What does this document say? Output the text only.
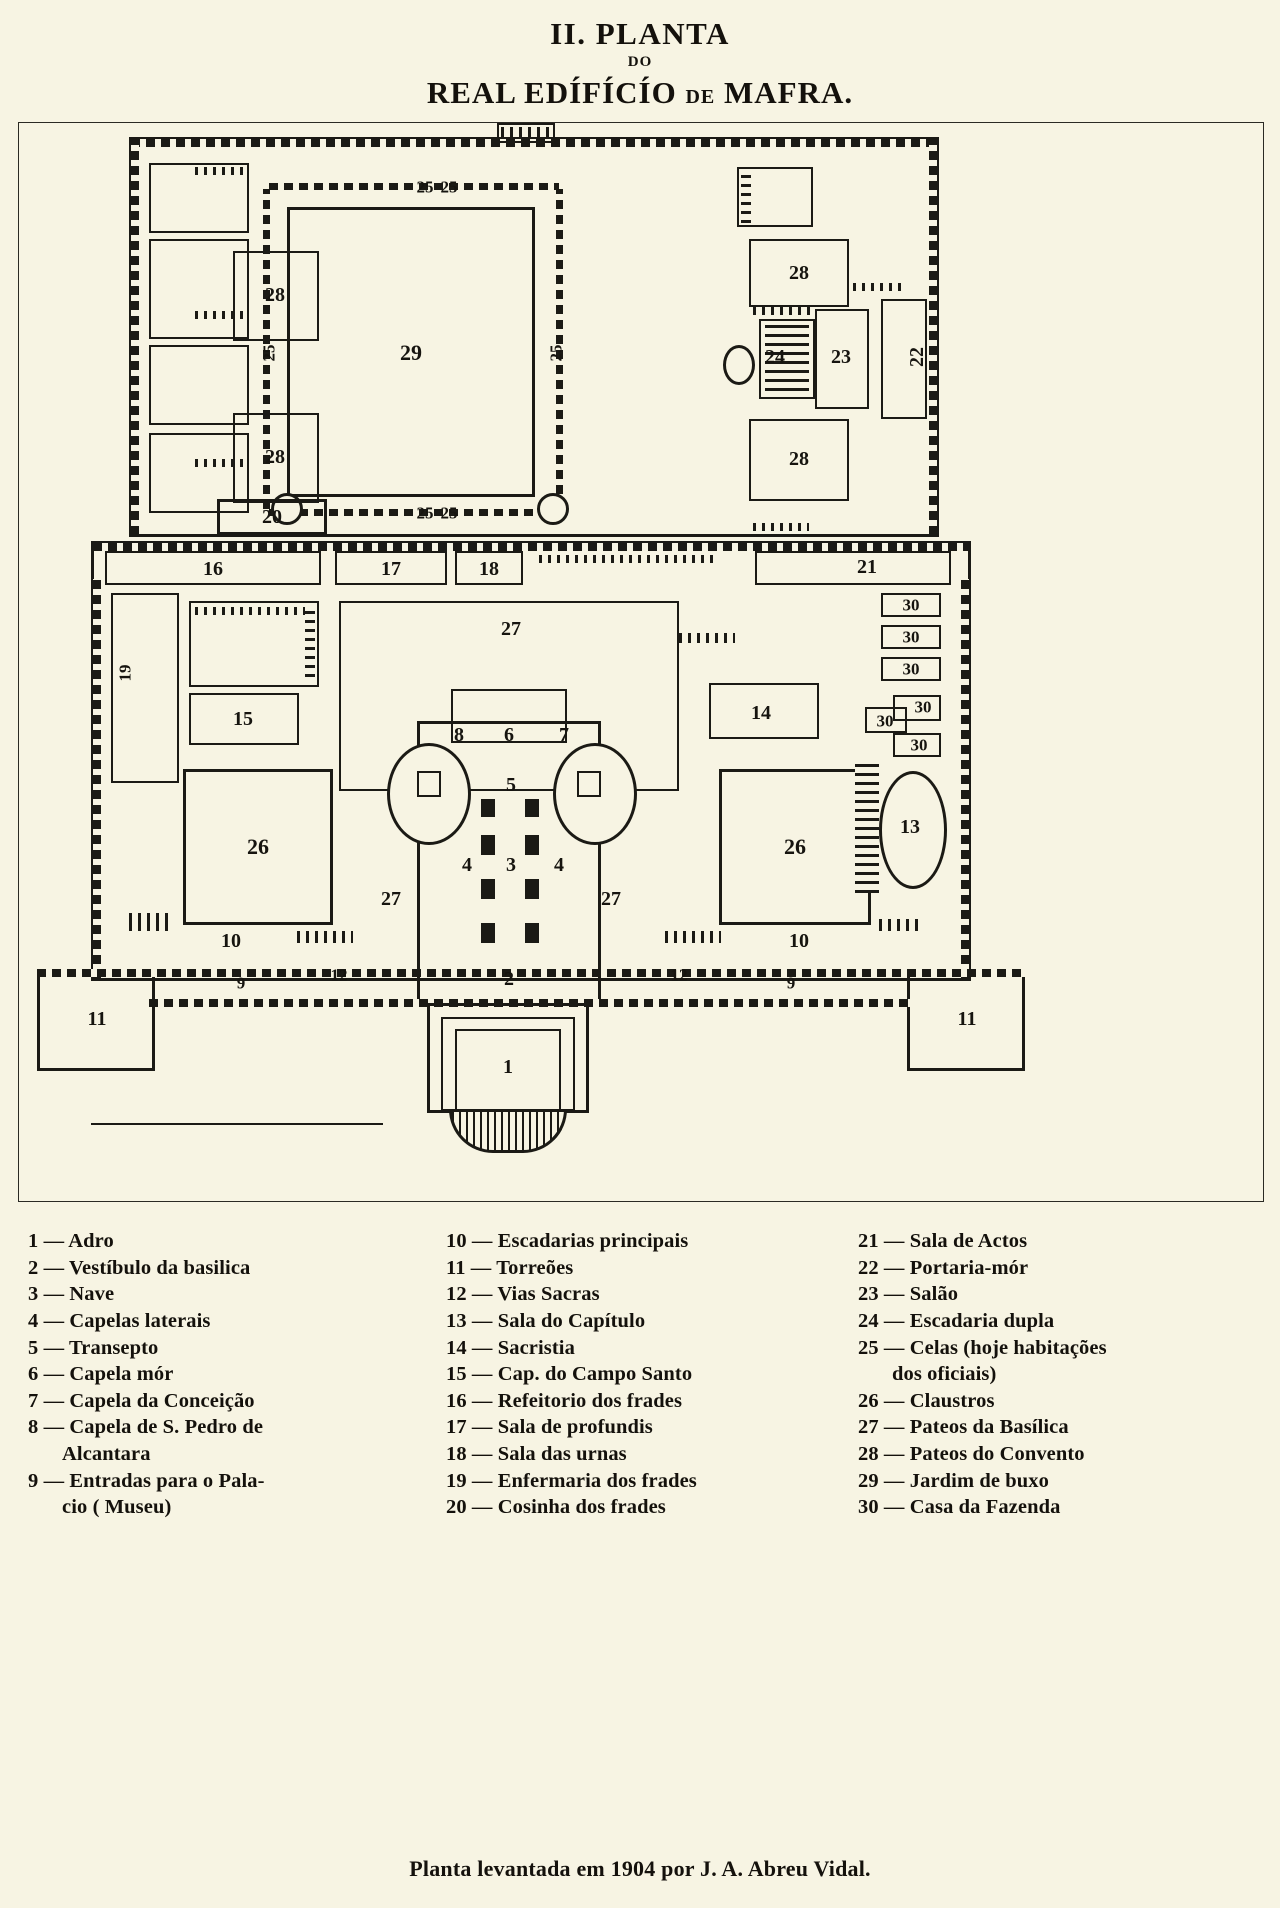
II. PLANTA
DO
REAL EDÍFÍCÍO DE MAFRA.
29
25 25
25 25
25	25
28
28
20
28
28
24 23	22
16	17	18	21
30
30
30
30
30
30
19
15
26	26
27
27	27
14
13
6
8	7
5
3
4	4
11	11
10	10
9	9
12	12
2
1
1 — Adro
2 — Vestíbulo da basilica
3 — Nave
4 — Capelas laterais
5 — Transepto
6 — Capela mór
7 — Capela da Conceição
8 — Capela de S. Pedro de
Alcantara
9 — Entradas para o Pala-
cio ( Museu)
10 — Escadarias principais
11 — Torreões
12 — Vias Sacras
13 — Sala do Capítulo
14 — Sacristia
15 — Cap. do Campo Santo
16 — Refeitorio dos frades
17 — Sala de profundis
18 — Sala das urnas
19 — Enfermaria dos frades
20 — Cosinha dos frades
21 — Sala de Actos
22 — Portaria-mór
23 — Salão
24 — Escadaria dupla
25 — Celas (hoje habitações
dos oficiais)
26 — Claustros
27 — Pateos da Basílica
28 — Pateos do Convento
29 — Jardim de buxo
30 — Casa da Fazenda
Planta levantada em 1904 por J. A. Abreu Vidal.
